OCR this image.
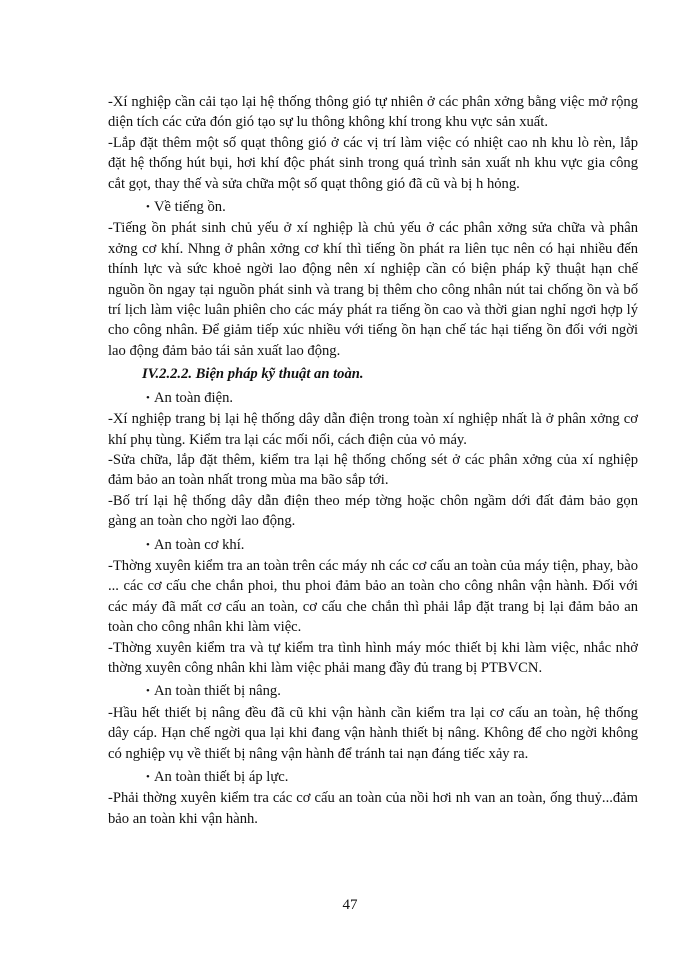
-Xí nghiệp cần cải tạo lại hệ thống thông gió tự nhiên ở các phân xởng bằng việc mở rộng diện tích các cửa đón gió tạo sự lu thông không khí trong khu vực sản xuất.

-Lắp đặt thêm một số quạt thông gió ở các vị trí làm việc có nhiệt cao nh khu lò rèn, lắp đặt hệ thống hút bụi, hơi khí độc phát sinh trong quá trình sản xuất nh khu vực gia công cắt gọt, thay thế và sửa chữa một số quạt thông gió đã cũ và bị h hỏng.

• Về tiếng ồn.

-Tiếng ồn phát sinh chủ yếu ở xí nghiệp là chủ yếu ở các phân xởng sửa chữa và phân xởng cơ khí. Nhng ở phân xởng cơ khí thì tiếng ồn phát ra liên tục nên có hại nhiều đến thính lực và sức khoẻ ngời lao động nên xí nghiệp cần có biện pháp kỹ thuật hạn chế nguồn ồn ngay tại nguồn phát sinh và trang bị thêm cho công nhân nút tai chống ồn và bố trí lịch làm việc luân phiên cho các máy phát ra tiếng ồn cao và thời gian nghỉ ngơi hợp lý cho công nhân. Để giảm tiếp xúc nhiều với tiếng ồn hạn chế tác hại tiếng ồn đối với ngời lao động đảm bảo tái sản xuất lao động.

IV.2.2.2. Biện pháp kỹ thuật an toàn.

• An toàn điện.

-Xí nghiệp trang bị lại hệ thống dây dẫn điện trong toàn xí nghiệp nhất là ở phân xởng cơ khí phụ tùng. Kiểm tra lại các mối nối, cách điện của vỏ máy.

-Sửa chữa, lắp đặt thêm, kiểm tra lại hệ thống chống sét ở các phân xởng của xí nghiệp đảm bảo an toàn nhất trong mùa ma bão sắp tới.

-Bố trí lại hệ thống dây dẫn điện theo mép tờng hoặc chôn ngầm dới đất đảm bảo gọn gàng an toàn cho ngời lao động.

• An toàn cơ khí.

-Thờng xuyên kiểm tra an toàn trên các máy nh các cơ cấu an toàn của máy tiện, phay, bào ... các cơ cấu che chắn phoi, thu phoi đảm bảo an toàn cho công nhân vận hành. Đối với các máy đã mất cơ cấu an toàn, cơ cấu che chắn thì phải lắp đặt trang bị lại đảm bảo an toàn cho công nhân khi làm việc.

-Thờng xuyên kiểm tra và tự kiểm tra tình hình máy móc thiết bị khi làm việc, nhắc nhở thờng xuyên công nhân khi làm việc phải mang đầy đủ trang bị PTBVCN.

• An toàn thiết bị nâng.

-Hầu hết thiết bị nâng đều đã cũ khi vận hành cần kiểm tra lại cơ cấu an toàn, hệ thống dây cáp. Hạn chế ngời qua lại khi đang vận hành thiết bị nâng. Không để cho ngời không có nghiệp vụ về thiết bị nâng vận hành để tránh tai nạn đáng tiếc xảy ra.

• An toàn thiết bị áp lực.

-Phải thờng xuyên kiểm tra các cơ cấu an toàn của nồi hơi nh van an toàn, ống thuỷ...đảm bảo an toàn khi vận hành.

47
